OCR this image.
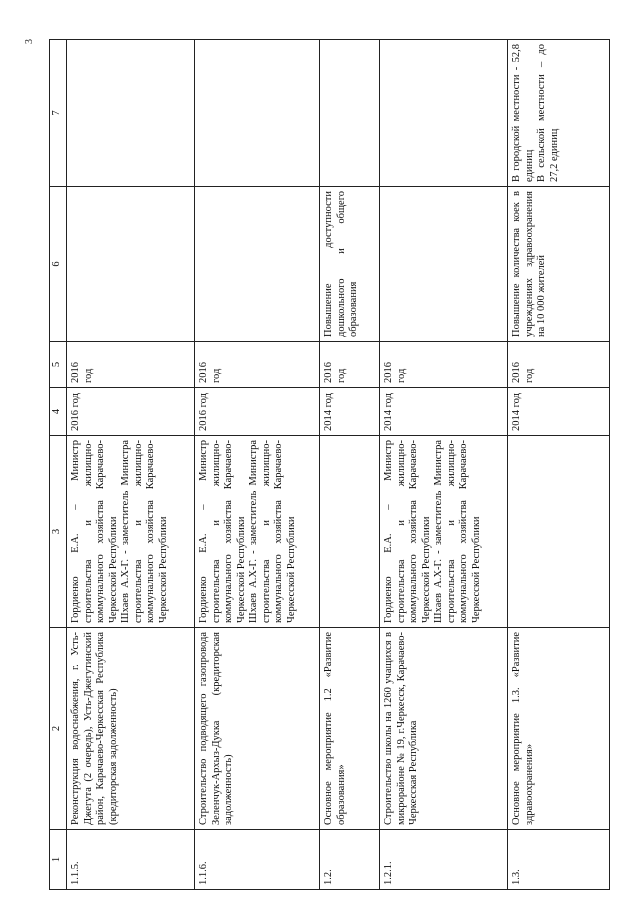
3
1	2	3	4	5	6	7
1.1.5.	Реконструкция водоснабжения, г. Усть-Джегута (2 очередь), Усть-Джегутинский район, Карачаево-Черкесская Республика (кредиторская задолженность)	Гордиенко Е.А. – Министр строительства и жилищно-коммунального хозяйства Карачаево-Черкесской Республики
Шхаев А.Х-Г. - заместитель Министра строительства и жилищно-коммунального хозяйства Карачаево-Черкесской Республики	2016 год	2016 год		
1.1.6.	Строительство подводящего газопровода Зеленчук-Архыз-Дукка (кредиторская задолженность)	Гордиенко Е.А. – Министр строительства и жилищно-коммунального хозяйства Карачаево-Черкесской Республики
Шхаев А.Х-Г. - заместитель Министра строительства и жилищно-коммунального хозяйства Карачаево-Черкесской Республики	2016 год	2016 год		
1.2.	Основное мероприятие 1.2 «Развитие образования»		2014 год	2016 год	Повышение доступности дошкольного и общего образования	
1.2.1.	Строительство школы на 1260 учащихся в микрорайоне № 19, г.Черкесск, Карачаево-Черкесская Республика	Гордиенко Е.А. – Министр строительства и жилищно-коммунального хозяйства Карачаево-Черкесской Республики
Шхаев А.Х-Г. - заместитель Министра строительства и жилищно-коммунального хозяйства Карачаево-Черкесской Республики	2014 год	2016 год		
1.3.	Основное мероприятие 1.3. «Развитие здравоохранения»		2014 год	2016 год	Повышение количества коек в учреждениях здравоохранения на 10 000 жителей	В городской местности - 52,8 единиц
В сельской местности – до 27,2 единиц
